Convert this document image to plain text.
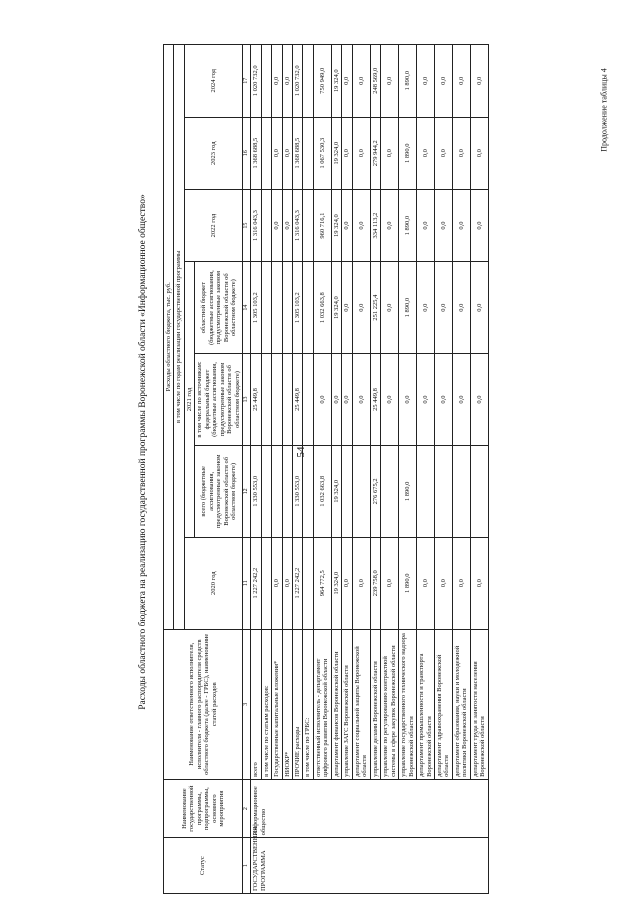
54
Расходы областного бюджета на реализацию государственной программы Воронежской области «Информационное общество»
Продолжение таблицы 4
Статус	Наименование государственной программы, подпрограммы, основного мероприятия	Наименование ответственного исполнителя, исполнителя - главного распорядителя средств областного бюджета (далее - ГРБС), наименование статей расходов	Расходы областного бюджета, тыс. руб.						
			в том числе по годам реализации государственной программы						
			2020 год	2021 год			2022 год	2023 год	2024 год
				всего (бюджетные ассигнования, предусмотренные законом Воронежской области об областном бюджете)	в том числе по источникам: федеральный бюджет (бюджетные ассигнования, предусмотренные законом Воронежской области об областном бюджете)	областной бюджет (бюджетные ассигнования, предусмотренные законом Воронежской области об областном бюджете)			
1	2	3	11	12	13	14	15	16	17
ГОСУДАРСТВЕННАЯ ПРОГРАММА	Информационное общество	всего	1 227 242,2	1 330 553,0	25 449,8	1 305 103,2	1 316 043,3	1 368 688,5	1 020 732,0
		в том числе по статьям расходов:							
		Государственные капитальные вложения*	0,0				0,0	0,0	0,0
		НИОКР*	0,0				0,0	0,0	0,0
		ПРОЧИЕ расходы	1 227 242,2	1 330 553,0	25 449,8	1 305 103,2	1 316 043,3	1 368 688,5	1 020 732,0
		в том числе по ГРБС:							
		ответственный исполнитель - департамент цифрового развития Воронежской области	964 772,5	1 032 663,8	0,0	1 032 663,8	960 716,1	1 067 530,3	750 949,0
		департамент финансов Воронежской области	19 324,0	19 324,0	0,0	19 324,0	19 324,0	19 324,0	19 324,0
		управление ЗАГС Воронежской области	0,0		0,0	0,0	0,0	0,0	0,0
		департамент социальной защиты Воронежской области	0,0		0,0	0,0	0,0	0,0	0,0
		управление делами Воронежской области	239 758,0	276 675,2	25 449,8	251 225,4	334 113,2	279 944,2	248 569,0
		управление по регулированию контрактной системы в сфере закупок Воронежской области	0,0		0,0	0,0	0,0	0,0	0,0
		управление государственного технического надзора Воронежской области	1 890,0	1 890,0	0,0	1 890,0	1 890,0	1 890,0	1 890,0
		департамент промышленности и транспорта Воронежской области	0,0		0,0	0,0	0,0	0,0	0,0
		департамент здравоохранения Воронежской области	0,0		0,0	0,0	0,0	0,0	0,0
		департамент образования, науки и молодежной политики Воронежской области	0,0		0,0	0,0	0,0	0,0	0,0
		департамент труда и занятости населения Воронежской области	0,0		0,0	0,0	0,0	0,0	0,0
